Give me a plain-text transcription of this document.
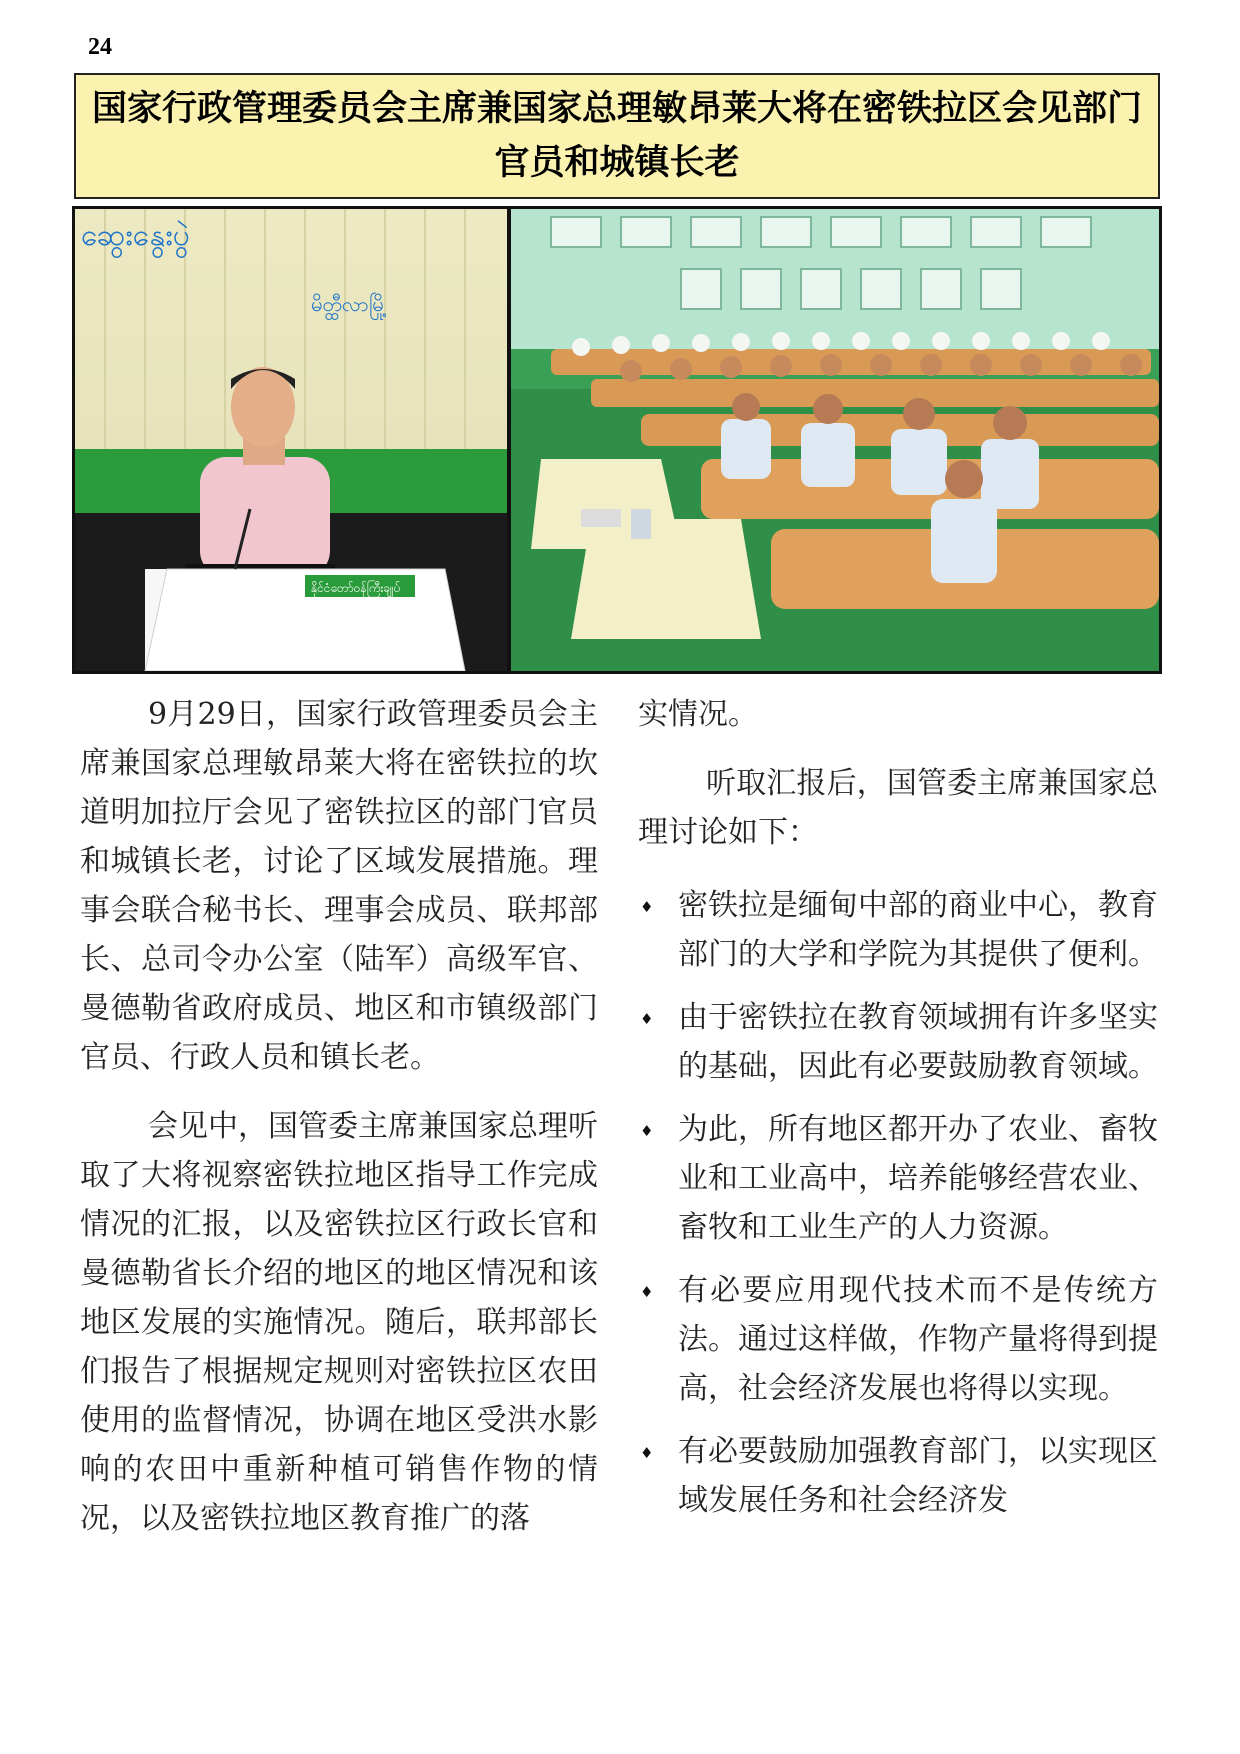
24
国家行政管理委员会主席兼国家总理敏昂莱大将在密铁拉区会见部门官员和城镇长老
ဆွေးနွေးပွဲ
မိတ္ထီလာမြို့
နိုင်ငံတော်ဝန်ကြီးချုပ်

9月29日，国家行政管理委员会主席兼国家总理敏昂莱大将在密铁拉的坎道明加拉厅会见了密铁拉区的部门官员和城镇长老，讨论了区域发展措施。理事会联合秘书长、理事会成员、联邦部长、总司令办公室（陆军）高级军官、曼德勒省政府成员、地区和市镇级部门官员、行政人员和镇长老。

会见中，国管委主席兼国家总理听取了大将视察密铁拉地区指导工作完成情况的汇报，以及密铁拉区行政长官和曼德勒省长介绍的地区的地区情况和该地区发展的实施情况。随后，联邦部长们报告了根据规定规则对密铁拉区农田使用的监督情况，协调在地区受洪水影响的农田中重新种植可销售作物的情况，以及密铁拉地区教育推广的落

实情况。

听取汇报后，国管委主席兼国家总理讨论如下：

♦ 密铁拉是缅甸中部的商业中心，教育部门的大学和学院为其提供了便利。
♦ 由于密铁拉在教育领域拥有许多坚实的基础，因此有必要鼓励教育领域。
♦ 为此，所有地区都开办了农业、畜牧业和工业高中，培养能够经营农业、畜牧和工业生产的人力资源。
♦ 有必要应用现代技术而不是传统方法。通过这样做，作物产量将得到提高，社会经济发展也将得以实现。
♦ 有必要鼓励加强教育部门，以实现区域发展任务和社会经济发
